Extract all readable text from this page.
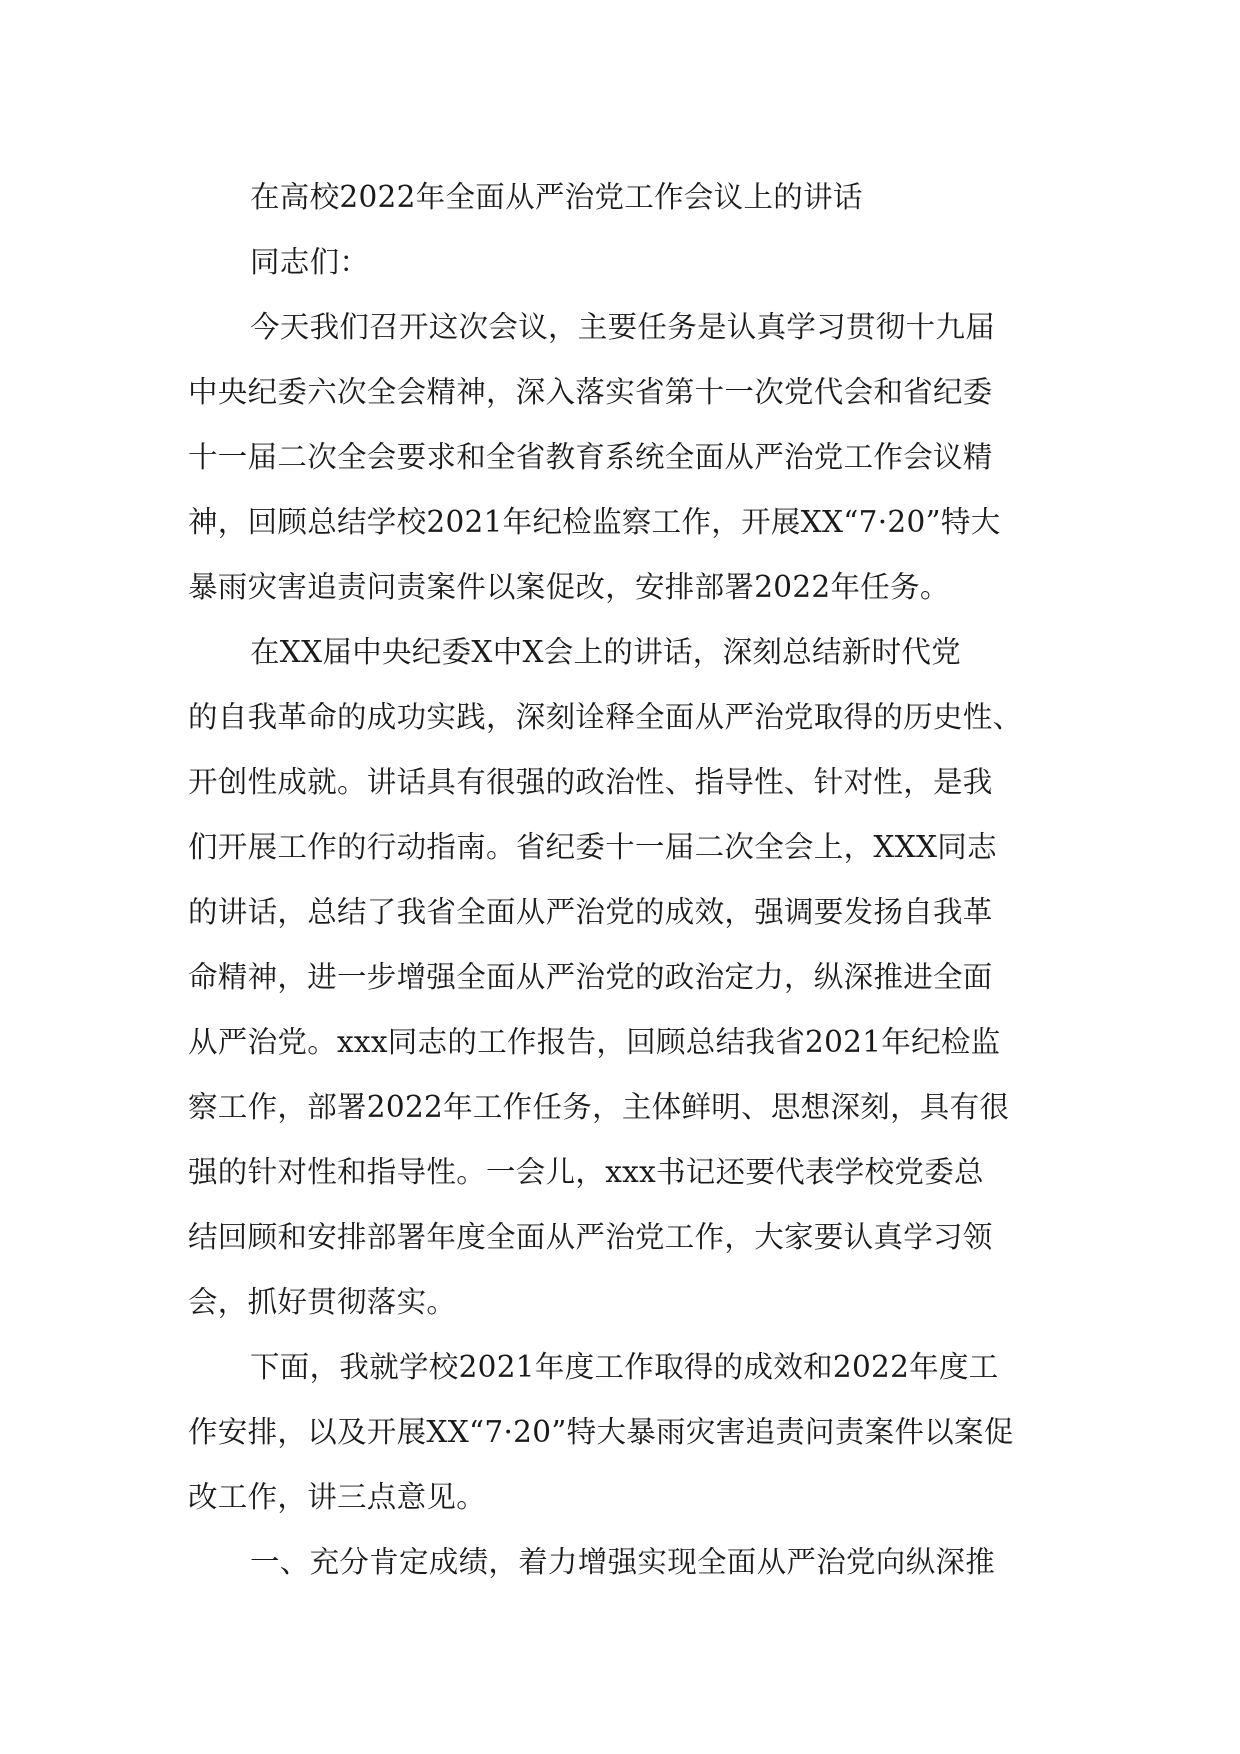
在高校2022年全面从严治党工作会议上的讲话
同志们：
今天我们召开这次会议，主要任务是认真学习贯彻十九届
中央纪委六次全会精神，深入落实省第十一次党代会和省纪委
十一届二次全会要求和全省教育系统全面从严治党工作会议精
神，回顾总结学校2021年纪检监察工作，开展XX“7·20”特大
暴雨灾害追责问责案件以案促改，安排部署2022年任务。
在XX届中央纪委X中X会上的讲话，深刻总结新时代党
的自我革命的成功实践，深刻诠释全面从严治党取得的历史性、
开创性成就。讲话具有很强的政治性、指导性、针对性，是我
们开展工作的行动指南。省纪委十一届二次全会上，XXX同志
的讲话，总结了我省全面从严治党的成效，强调要发扬自我革
命精神，进一步增强全面从严治党的政治定力，纵深推进全面
从严治党。xxx同志的工作报告，回顾总结我省2021年纪检监
察工作，部署2022年工作任务，主体鲜明、思想深刻，具有很
强的针对性和指导性。一会儿，xxx书记还要代表学校党委总
结回顾和安排部署年度全面从严治党工作，大家要认真学习领
会，抓好贯彻落实。
下面，我就学校2021年度工作取得的成效和2022年度工
作安排，以及开展XX“7·20”特大暴雨灾害追责问责案件以案促
改工作，讲三点意见。
一、充分肯定成绩，着力增强实现全面从严治党向纵深推
